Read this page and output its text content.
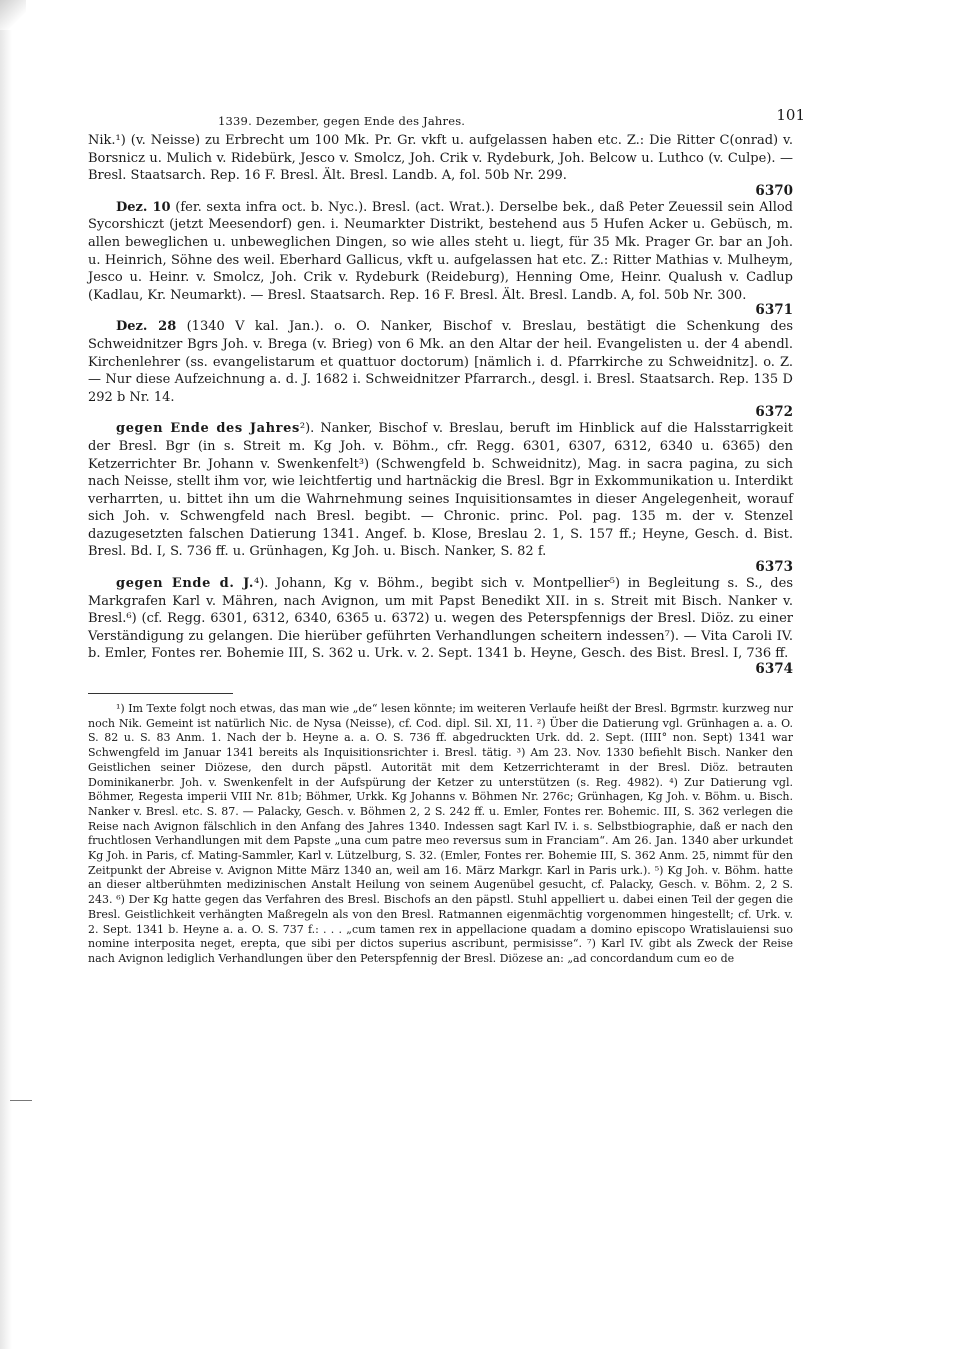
1339. Dezember, gegen Ende des Jahres.	101

Nik.¹) (v. Neisse) zu Erbrecht um 100 Mk. Pr. Gr. vkft u. aufgelassen haben etc. Z.: Die Ritter C(onrad) v. Borsnicz u. Mulich v. Ridebürk, Jesco v. Smolcz, Joh. Crik v. Rydeburk, Joh. Belcow u. Luthco (v. Culpe). — Bresl. Staatsarch. Rep. 16 F. Bresl. Ält. Bresl. Landb. A, fol. 50b Nr. 299.
6370

Dez. 10 (fer. sexta infra oct. b. Nyc.). Bresl. (act. Wrat.). Derselbe bek., daß Peter Zeuessil sein Allod Sycorshiczt (jetzt Meesendorf) gen. i. Neumarkter Distrikt, bestehend aus 5 Hufen Acker u. Gebüsch, m. allen beweglichen u. unbeweglichen Dingen, so wie alles steht u. liegt, für 35 Mk. Prager Gr. bar an Joh. u. Heinrich, Söhne des weil. Eberhard Gallicus, vkft u. aufgelassen hat etc. Z.: Ritter Mathias v. Mulheym, Jesco u. Heinr. v. Smolcz, Joh. Crik v. Rydeburk (Reideburg), Henning Ome, Heinr. Qualush v. Cadlup (Kadlau, Kr. Neumarkt). — Bresl. Staatsarch. Rep. 16 F. Bresl. Ält. Bresl. Landb. A, fol. 50b Nr. 300.
6371

Dez. 28 (1340 V kal. Jan.). o. O. Nanker, Bischof v. Breslau, bestätigt die Schenkung des Schweidnitzer Bgrs Joh. v. Brega (v. Brieg) von 6 Mk. an den Altar der heil. Evangelisten u. der 4 abendl. Kirchenlehrer (ss. evangelistarum et quattuor doctorum) [nämlich i. d. Pfarrkirche zu Schweidnitz]. o. Z. — Nur diese Aufzeichnung a. d. J. 1682 i. Schweidnitzer Pfarrarch., desgl. i. Bresl. Staatsarch. Rep. 135 D 292 b Nr. 14.
6372

gegen Ende des Jahres²). Nanker, Bischof v. Breslau, beruft im Hinblick auf die Halsstarrigkeit der Bresl. Bgr (in s. Streit m. Kg Joh. v. Böhm., cfr. Regg. 6301, 6307, 6312, 6340 u. 6365) den Ketzerrichter Br. Johann v. Swenkenfelt³) (Schwengfeld b. Schweidnitz), Mag. in sacra pagina, zu sich nach Neisse, stellt ihm vor, wie leichtfertig und hartnäckig die Bresl. Bgr in Exkommunikation u. Interdikt verharrten, u. bittet ihn um die Wahrnehmung seines Inquisitionsamtes in dieser Angelegenheit, worauf sich Joh. v. Schwengfeld nach Bresl. begibt. — Chronic. princ. Pol. pag. 135 m. der v. Stenzel dazugesetzten falschen Datierung 1341. Angef. b. Klose, Breslau 2. 1, S. 157 ff.; Heyne, Gesch. d. Bist. Bresl. Bd. I, S. 736 ff. u. Grünhagen, Kg Joh. u. Bisch. Nanker, S. 82 f.
6373

gegen Ende d. J.⁴). Johann, Kg v. Böhm., begibt sich v. Montpellier⁵) in Begleitung s. S., des Markgrafen Karl v. Mähren, nach Avignon, um mit Papst Benedikt XII. in s. Streit mit Bisch. Nanker v. Bresl.⁶) (cf. Regg. 6301, 6312, 6340, 6365 u. 6372) u. wegen des Peterspfennigs der Bresl. Diöz. zu einer Verständigung zu gelangen. Die hierüber geführten Verhandlungen scheitern indessen⁷). — Vita Caroli IV. b. Emler, Fontes rer. Bohemie III, S. 362 u. Urk. v. 2. Sept. 1341 b. Heyne, Gesch. des Bist. Bresl. I, 736 ff.
6374

¹) Im Texte folgt noch etwas, das man wie „de“ lesen könnte; im weiteren Verlaufe heißt der Bresl. Bgrmstr. kurzweg nur noch Nik. Gemeint ist natürlich Nic. de Nysa (Neisse), cf. Cod. dipl. Sil. XI, 11. ²) Über die Datierung vgl. Grünhagen a. a. O. S. 82 u. S. 83 Anm. 1. Nach der b. Heyne a. a. O. S. 736 ff. abgedruckten Urk. dd. 2. Sept. (IIII° non. Sept) 1341 war Schwengfeld im Januar 1341 bereits als Inquisitionsrichter i. Bresl. tätig. ³) Am 23. Nov. 1330 befiehlt Bisch. Nanker den Geistlichen seiner Diözese, den durch päpstl. Autorität mit dem Ketzerrichteramt in der Bresl. Diöz. betrauten Dominikanerbr. Joh. v. Swenkenfelt in der Aufspürung der Ketzer zu unterstützen (s. Reg. 4982). ⁴) Zur Datierung vgl. Böhmer, Regesta imperii VIII Nr. 81b; Böhmer, Urkk. Kg Johanns v. Böhmen Nr. 276c; Grünhagen, Kg Joh. v. Böhm. u. Bisch. Nanker v. Bresl. etc. S. 87. — Palacky, Gesch. v. Böhmen 2, 2 S. 242 ff. u. Emler, Fontes rer. Bohemic. III, S. 362 verlegen die Reise nach Avignon fälschlich in den Anfang des Jahres 1340. Indessen sagt Karl IV. i. s. Selbstbiographie, daß er nach den fruchtlosen Verhandlungen mit dem Papste „una cum patre meo reversus sum in Franciam“. Am 26. Jan. 1340 aber urkundet Kg Joh. in Paris, cf. Mating-Sammler, Karl v. Lützelburg, S. 32. (Emler, Fontes rer. Bohemie III, S. 362 Anm. 25, nimmt für den Zeitpunkt der Abreise v. Avignon Mitte März 1340 an, weil am 16. März Markgr. Karl in Paris urk.). ⁵) Kg Joh. v. Böhm. hatte an dieser altberühmten medizinischen Anstalt Heilung von seinem Augenübel gesucht, cf. Palacky, Gesch. v. Böhm. 2, 2 S. 243. ⁶) Der Kg hatte gegen das Verfahren des Bresl. Bischofs an den päpstl. Stuhl appelliert u. dabei einen Teil der gegen die Bresl. Geistlichkeit verhängten Maßregeln als von den Bresl. Ratmannen eigenmächtig vorgenommen hingestellt; cf. Urk. v. 2. Sept. 1341 b. Heyne a. a. O. S. 737 f.: . . . „cum tamen rex in appellacione quadam a domino episcopo Wratislauiensi suo nomine interposita neget, erepta, que sibi per dictos superius ascribunt, permisisse“. ⁷) Karl IV. gibt als Zweck der Reise nach Avignon lediglich Verhandlungen über den Peterspfennig der Bresl. Diözese an: „ad concordandum cum eo de
